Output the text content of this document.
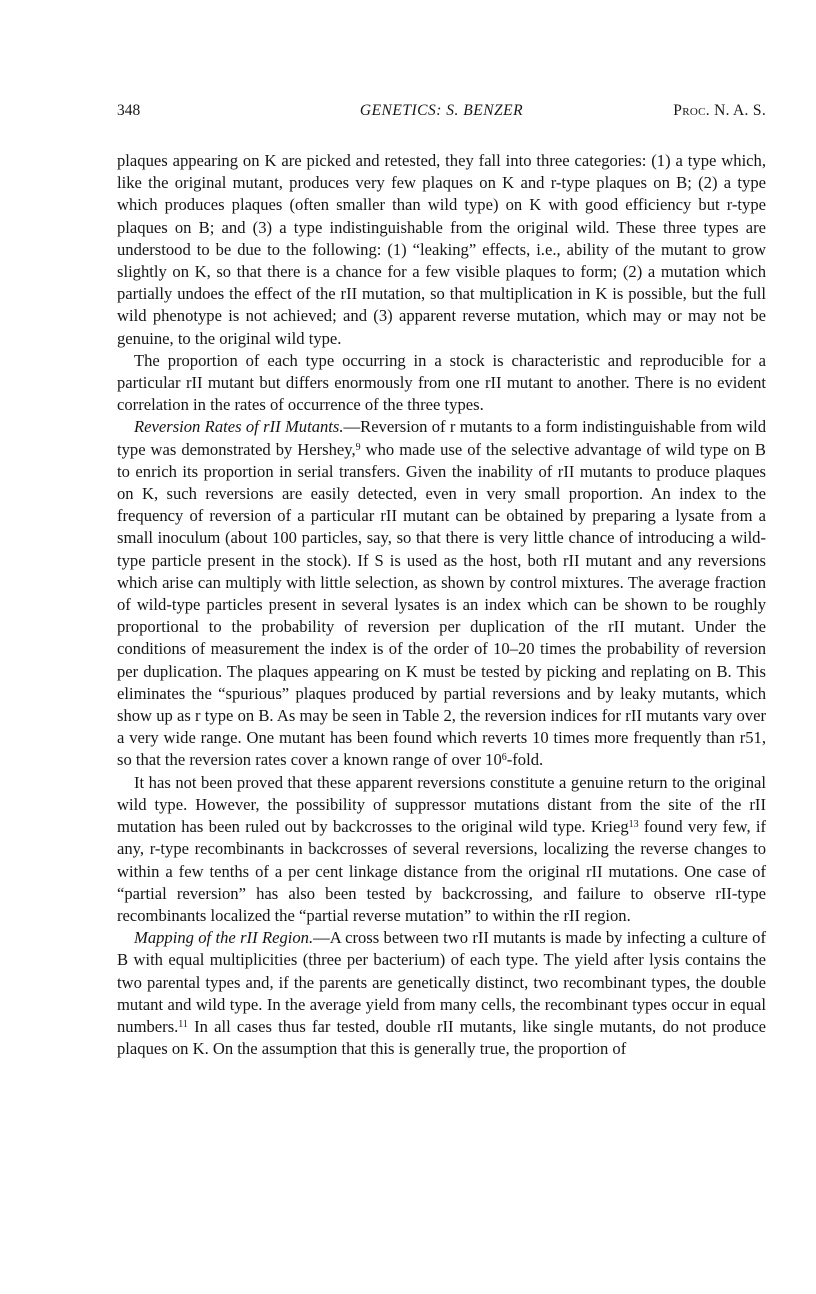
348	GENETICS: S. BENZER	Proc. N. A. S.

plaques appearing on K are picked and retested, they fall into three categories: (1) a type which, like the original mutant, produces very few plaques on K and r-type plaques on B; (2) a type which produces plaques (often smaller than wild type) on K with good efficiency but r-type plaques on B; and (3) a type indistinguishable from the original wild. These three types are understood to be due to the following: (1) “leaking” effects, i.e., ability of the mutant to grow slightly on K, so that there is a chance for a few visible plaques to form; (2) a mutation which partially undoes the effect of the rII mutation, so that multiplication in K is possible, but the full wild phenotype is not achieved; and (3) apparent reverse mutation, which may or may not be genuine, to the original wild type.

The proportion of each type occurring in a stock is characteristic and reproducible for a particular rII mutant but differs enormously from one rII mutant to another. There is no evident correlation in the rates of occurrence of the three types.

Reversion Rates of rII Mutants.—Reversion of r mutants to a form indistinguishable from wild type was demonstrated by Hershey,$^9$ who made use of the selective advantage of wild type on B to enrich its proportion in serial transfers. Given the inability of rII mutants to produce plaques on K, such reversions are easily detected, even in very small proportion. An index to the frequency of reversion of a particular rII mutant can be obtained by preparing a lysate from a small inoculum (about 100 particles, say, so that there is very little chance of introducing a wild-type particle present in the stock). If S is used as the host, both rII mutant and any reversions which arise can multiply with little selection, as shown by control mixtures. The average fraction of wild-type particles present in several lysates is an index which can be shown to be roughly proportional to the probability of reversion per duplication of the rII mutant. Under the conditions of measurement the index is of the order of 10–20 times the probability of reversion per duplication. The plaques appearing on K must be tested by picking and replating on B. This eliminates the “spurious” plaques produced by partial reversions and by leaky mutants, which show up as r type on B. As may be seen in Table 2, the reversion indices for rII mutants vary over a very wide range. One mutant has been found which reverts 10 times more frequently than r51, so that the reversion rates cover a known range of over $10^6$-fold.

It has not been proved that these apparent reversions constitute a genuine return to the original wild type. However, the possibility of suppressor mutations distant from the site of the rII mutation has been ruled out by backcrosses to the original wild type. Krieg$^{13}$ found very few, if any, r-type recombinants in backcrosses of several reversions, localizing the reverse changes to within a few tenths of a per cent linkage distance from the original rII mutations. One case of “partial reversion” has also been tested by backcrossing, and failure to observe rII-type recombinants localized the “partial reverse mutation” to within the rII region.

Mapping of the rII Region.—A cross between two rII mutants is made by infecting a culture of B with equal multiplicities (three per bacterium) of each type. The yield after lysis contains the two parental types and, if the parents are genetically distinct, two recombinant types, the double mutant and wild type. In the average yield from many cells, the recombinant types occur in equal numbers.$^{11}$ In all cases thus far tested, double rII mutants, like single mutants, do not produce plaques on K. On the assumption that this is generally true, the proportion of
